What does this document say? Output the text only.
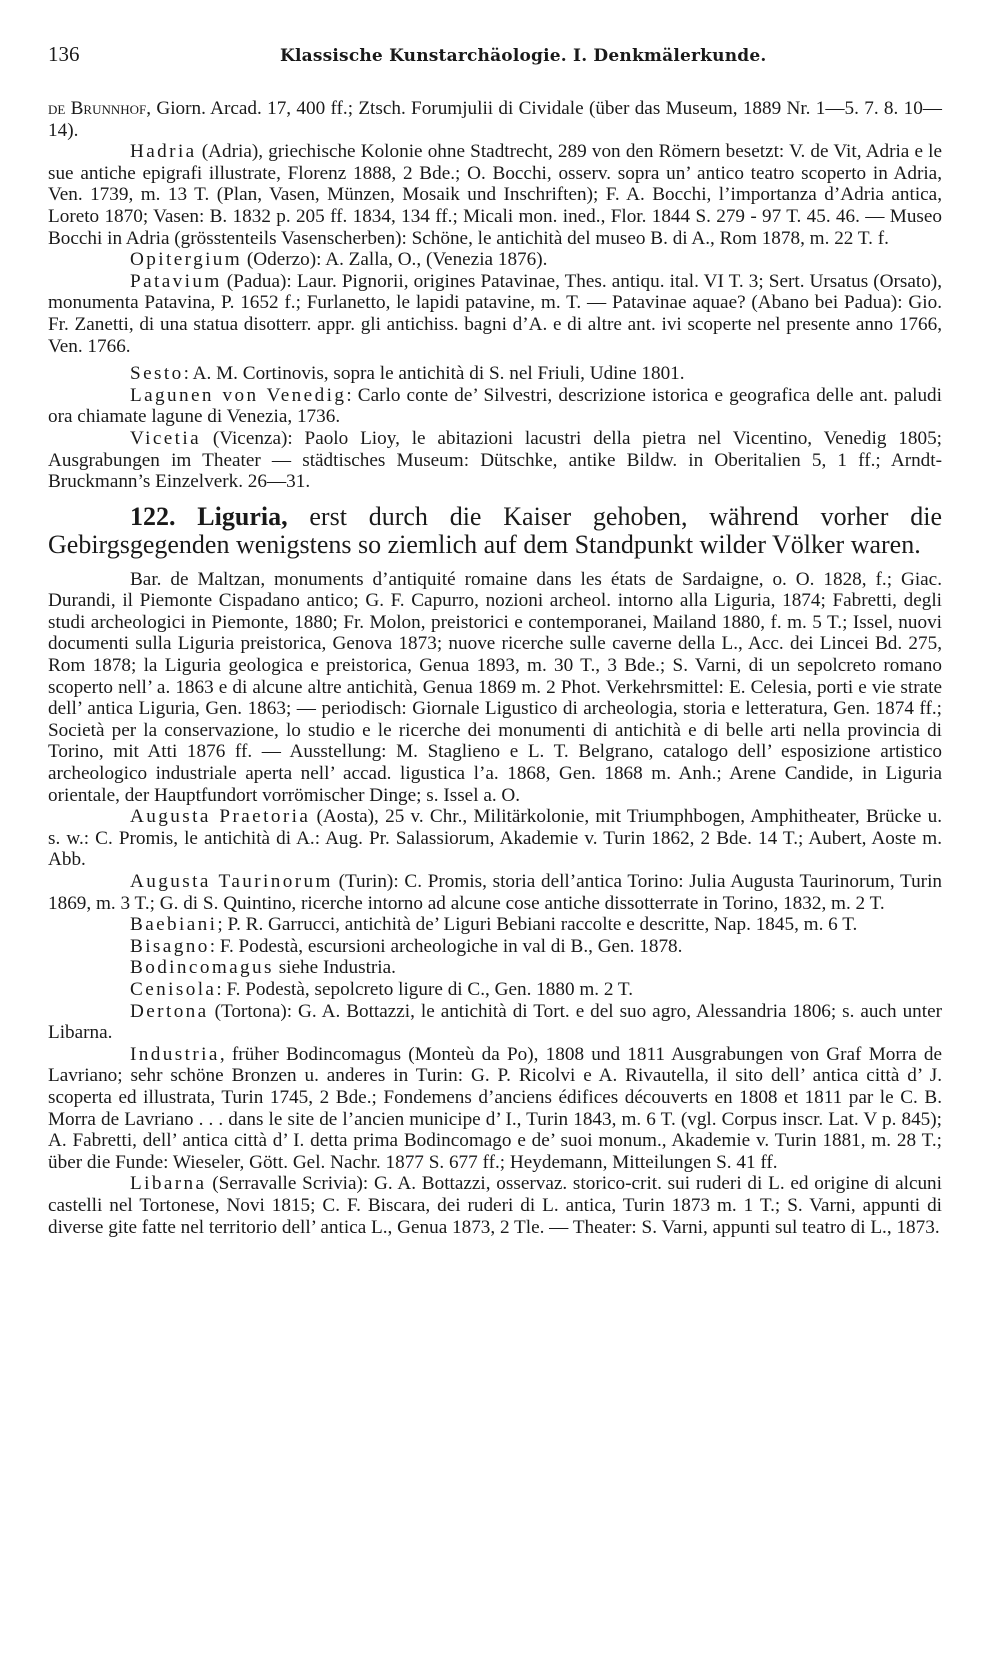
136	Klassische Kunstarchäologie. I. Denkmälerkunde.

de Brunnhof, Giorn. Arcad. 17, 400 ff.; Ztsch. Forumjulii di Cividale (über das Museum, 1889 Nr. 1—5. 7. 8. 10—14).

Hadria (Adria), griechische Kolonie ohne Stadtrecht, 289 von den Römern besetzt: V. de Vit, Adria e le sue antiche epigrafi illustrate, Florenz 1888, 2 Bde.; O. Bocchi, osserv. sopra un’ antico teatro scoperto in Adria, Ven. 1739, m. 13 T. (Plan, Vasen, Münzen, Mosaik und Inschriften); F. A. Bocchi, l’importanza d’Adria antica, Loreto 1870; Vasen: B. 1832 p. 205 ff. 1834, 134 ff.; Micali mon. ined., Flor. 1844 S. 279 - 97 T. 45. 46. — Museo Bocchi in Adria (grösstenteils Vasenscherben): Schöne, le antichità del museo B. di A., Rom 1878, m. 22 T. f.

Opitergium (Oderzo): A. Zalla, O., (Venezia 1876).

Patavium (Padua): Laur. Pignorii, origines Patavinae, Thes. antiqu. ital. VI T. 3; Sert. Ursatus (Orsato), monumenta Patavina, P. 1652 f.; Furlanetto, le lapidi patavine, m. T. — Patavinae aquae? (Abano bei Padua): Gio. Fr. Zanetti, di una statua disotterr. appr. gli antichiss. bagni d’A. e di altre ant. ivi scoperte nel presente anno 1766, Ven. 1766.

Sesto: A. M. Cortinovis, sopra le antichità di S. nel Friuli, Udine 1801.

Lagunen von Venedig: Carlo conte de’ Silvestri, descrizione istorica e geografica delle ant. paludi ora chiamate lagune di Venezia, 1736.

Vicetia (Vicenza): Paolo Lioy, le abitazioni lacustri della pietra nel Vicentino, Venedig 1805; Ausgrabungen im Theater — städtisches Museum: Dütschke, antike Bildw. in Oberitalien 5, 1 ff.; Arndt-Bruckmann’s Einzelverk. 26—31.

122. Liguria, erst durch die Kaiser gehoben, während vorher die Gebirgsgegenden wenigstens so ziemlich auf dem Standpunkt wilder Völker waren.

Bar. de Maltzan, monuments d’antiquité romaine dans les états de Sardaigne, o. O. 1828, f.; Giac. Durandi, il Piemonte Cispadano antico; G. F. Capurro, nozioni archeol. intorno alla Liguria, 1874; Fabretti, degli studi archeologici in Piemonte, 1880; Fr. Molon, preistorici e contemporanei, Mailand 1880, f. m. 5 T.; Issel, nuovi documenti sulla Liguria preistorica, Genova 1873; nuove ricerche sulle caverne della L., Acc. dei Lincei Bd. 275, Rom 1878; la Liguria geologica e preistorica, Genua 1893, m. 30 T., 3 Bde.; S. Varni, di un sepolcreto romano scoperto nell’ a. 1863 e di alcune altre antichità, Genua 1869 m. 2 Phot. Verkehrsmittel: E. Celesia, porti e vie strate dell’ antica Liguria, Gen. 1863; — periodisch: Giornale Ligustico di archeologia, storia e letteratura, Gen. 1874 ff.; Società per la conservazione, lo studio e le ricerche dei monumenti di antichità e di belle arti nella provincia di Torino, mit Atti 1876 ff. — Ausstellung: M. Staglieno e L. T. Belgrano, catalogo dell’ esposizione artistico archeologico industriale aperta nell’ accad. ligustica l’a. 1868, Gen. 1868 m. Anh.; Arene Candide, in Liguria orientale, der Hauptfundort vorrömischer Dinge; s. Issel a. O.

Augusta Praetoria (Aosta), 25 v. Chr., Militärkolonie, mit Triumphbogen, Amphitheater, Brücke u. s. w.: C. Promis, le antichità di A.: Aug. Pr. Salassiorum, Akademie v. Turin 1862, 2 Bde. 14 T.; Aubert, Aoste m. Abb.

Augusta Taurinorum (Turin): C. Promis, storia dell’antica Torino: Julia Augusta Taurinorum, Turin 1869, m. 3 T.; G. di S. Quintino, ricerche intorno ad alcune cose antiche dissotterrate in Torino, 1832, m. 2 T.

Baebiani; P. R. Garrucci, antichità de’ Liguri Bebiani raccolte e descritte, Nap. 1845, m. 6 T.

Bisagno: F. Podestà, escursioni archeologiche in val di B., Gen. 1878.

Bodincomagus siehe Industria.

Cenisola: F. Podestà, sepolcreto ligure di C., Gen. 1880 m. 2 T.

Dertona (Tortona): G. A. Bottazzi, le antichità di Tort. e del suo agro, Alessandria 1806; s. auch unter Libarna.

Industria, früher Bodincomagus (Monteù da Po), 1808 und 1811 Ausgrabungen von Graf Morra de Lavriano; sehr schöne Bronzen u. anderes in Turin: G. P. Ricolvi e A. Rivautella, il sito dell’ antica città d’ J. scoperta ed illustrata, Turin 1745, 2 Bde.; Fondemens d’anciens édifices découverts en 1808 et 1811 par le C. B. Morra de Lavriano . . . dans le site de l’ancien municipe d’ I., Turin 1843, m. 6 T. (vgl. Corpus inscr. Lat. V p. 845); A. Fabretti, dell’ antica città d’ I. detta prima Bodincomago e de’ suoi monum., Akademie v. Turin 1881, m. 28 T.; über die Funde: Wieseler, Gött. Gel. Nachr. 1877 S. 677 ff.; Heydemann, Mitteilungen S. 41 ff.

Libarna (Serravalle Scrivia): G. A. Bottazzi, osservaz. storico-crit. sui ruderi di L. ed origine di alcuni castelli nel Tortonese, Novi 1815; C. F. Biscara, dei ruderi di L. antica, Turin 1873 m. 1 T.; S. Varni, appunti di diverse gite fatte nel territorio dell’ antica L., Genua 1873, 2 Tle. — Theater: S. Varni, appunti sul teatro di L., 1873.
